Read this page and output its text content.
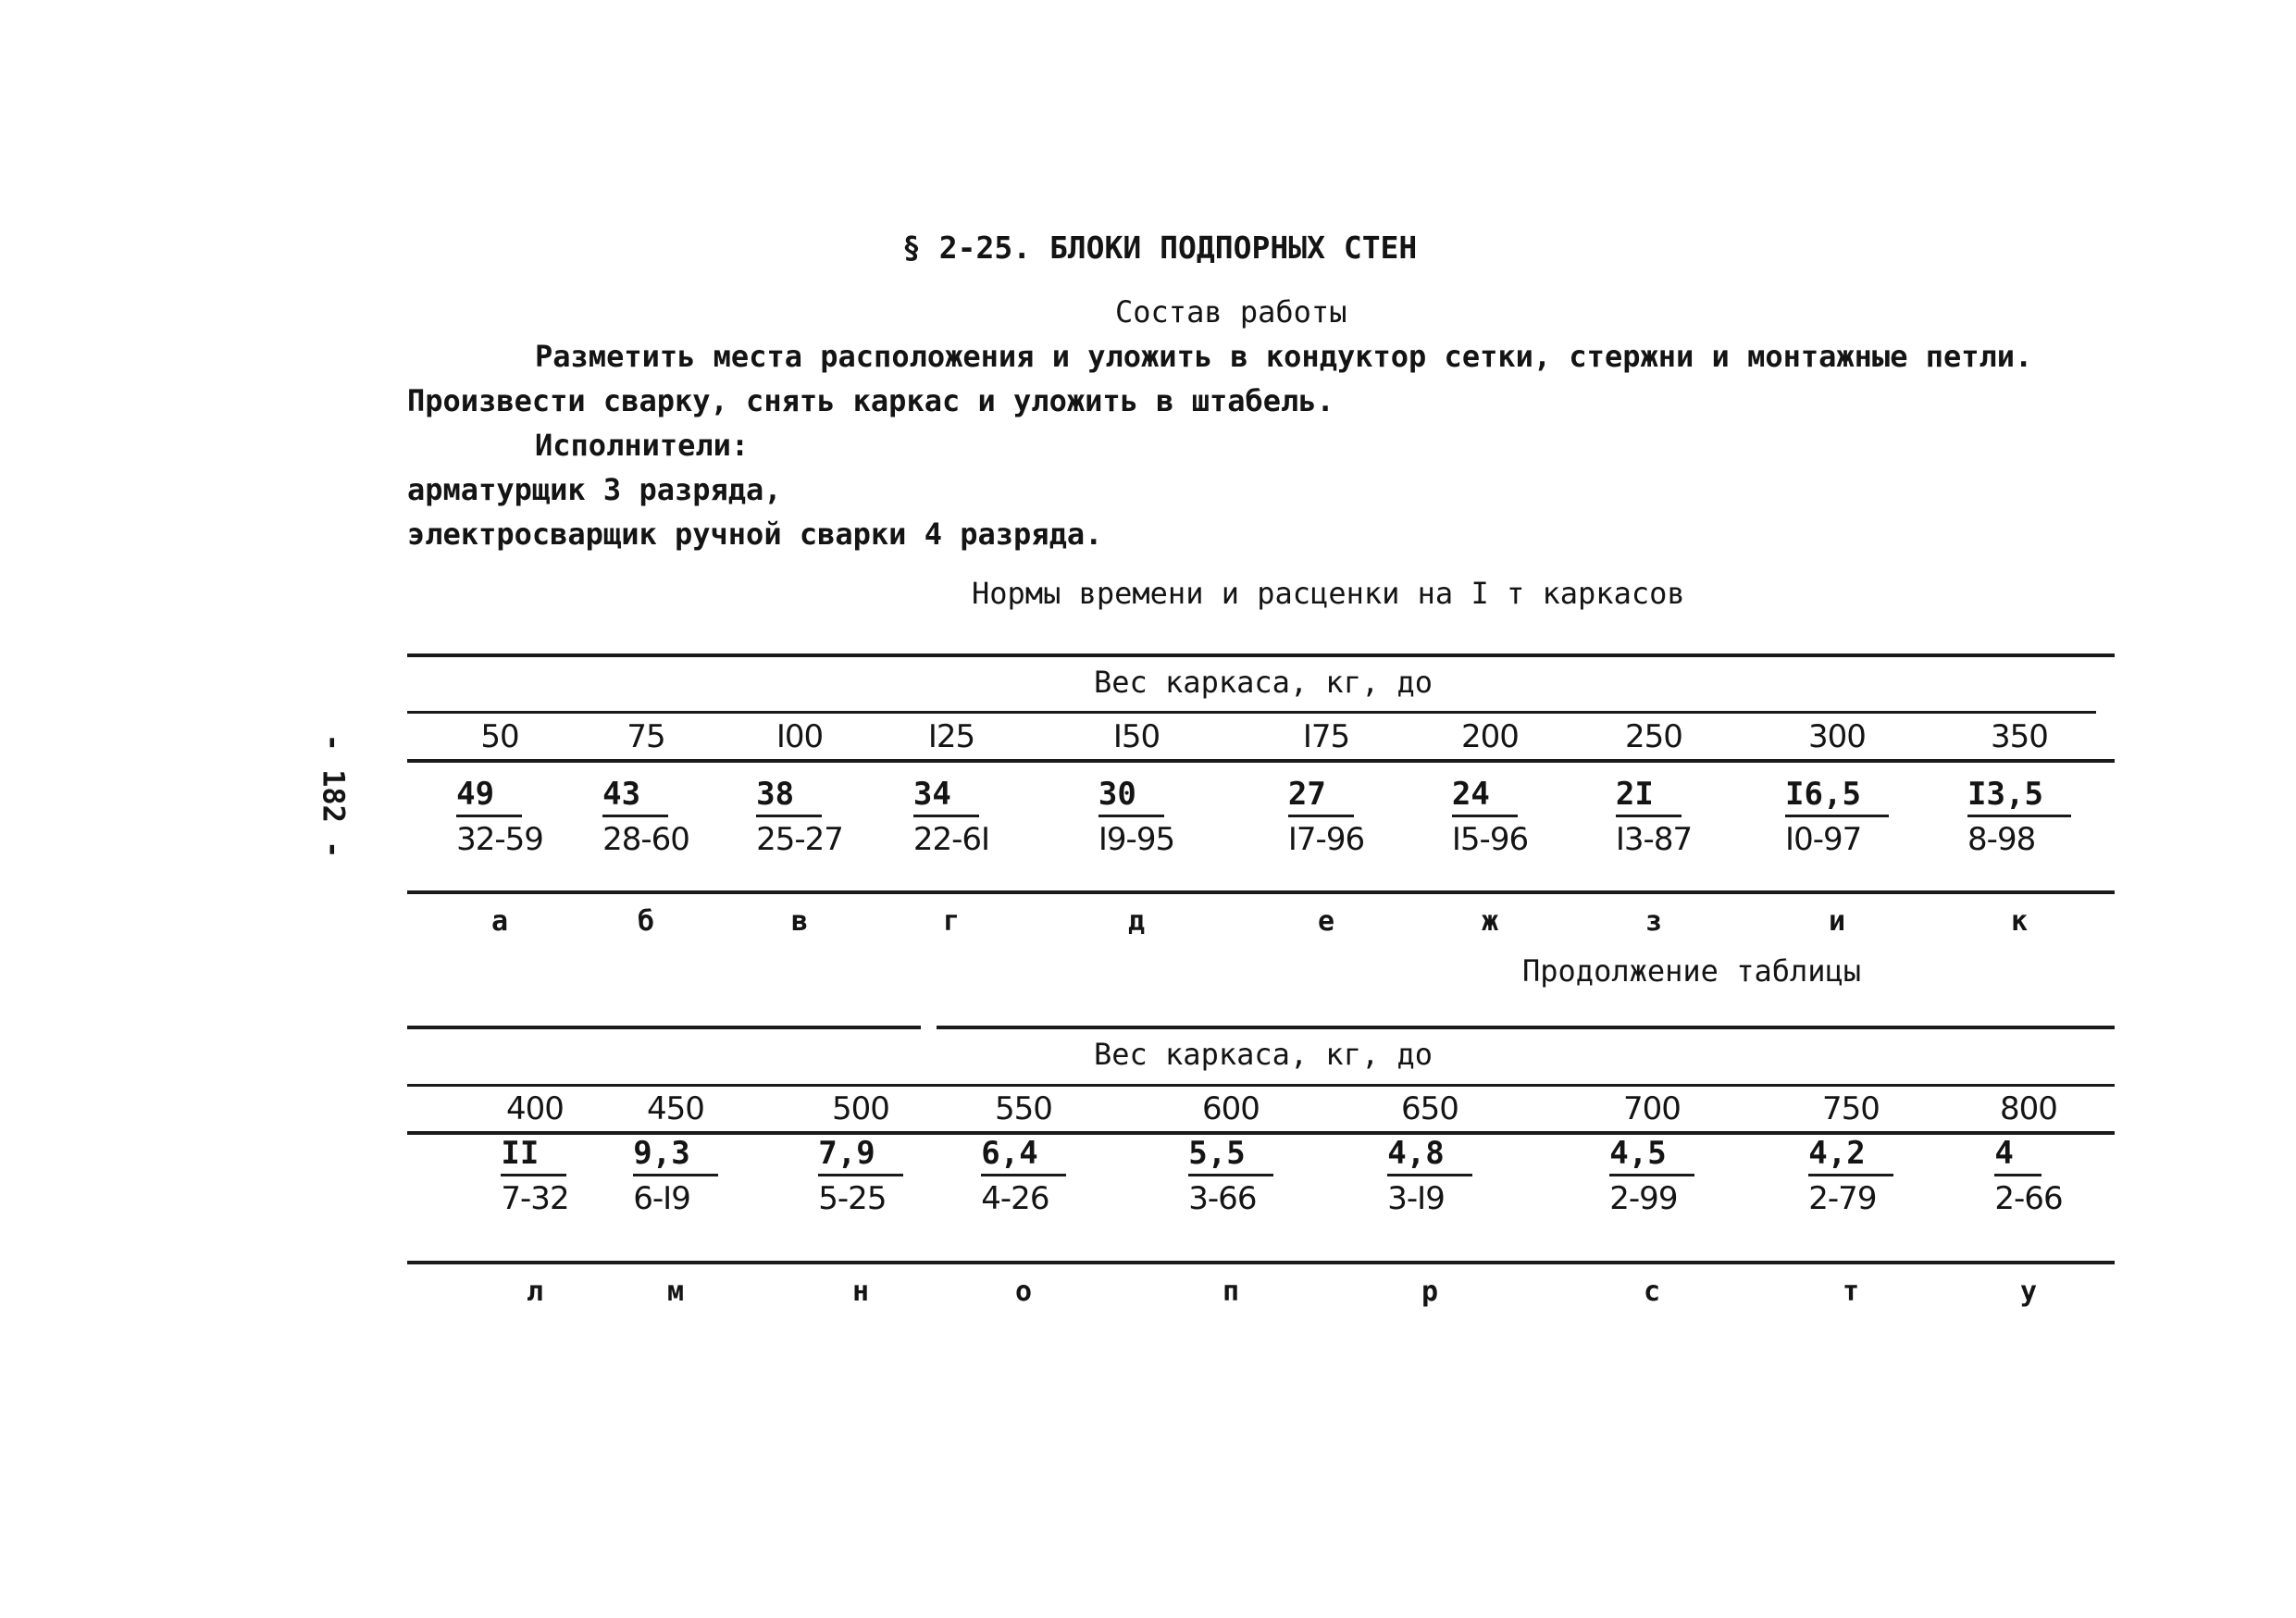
§ 2-25. БЛОКИ ПОДПОРНЫХ СТЕН
Состав работы
Разметить места расположения и уложить в кондуктор сетки, стержни и монтажные петли.
Произвести сварку, снять каркас и уложить в штабель.
Исполнители:
арматурщик 3 разряда,
электросварщик ручной сварки 4 разряда.
Нормы времени и расценки на I т каркасов
- 182 -
Вес каркаса, кг, до
50	75	I00	I25	I50	I75	200	250	300	350
$\frac{49}{32-59}$	$\frac{43}{28-60}$	$\frac{38}{25-27}$	$\frac{34}{22-6I}$	$\frac{30}{I9-95}$	$\frac{27}{I7-96}$	$\frac{24}{I5-96}$	$\frac{2I}{I3-87}$	$\frac{I6,5}{I0-97}$	$\frac{I3,5}{8-98}$
а	б	в	г	д	е	ж	з	и	к
Продолжение таблицы
Вес каркаса, кг, до
400	450	500	550	600	650	700	750	800
$\frac{II}{7-32}$	$\frac{9,3}{6-I9}$	$\frac{7,9}{5-25}$	$\frac{6,4}{4-26}$	$\frac{5,5}{3-66}$	$\frac{4,8}{3-I9}$	$\frac{4,5}{2-99}$	$\frac{4,2}{2-79}$	$\frac{4}{2-66}$
л	м	н	о	п	р	с	т	у
